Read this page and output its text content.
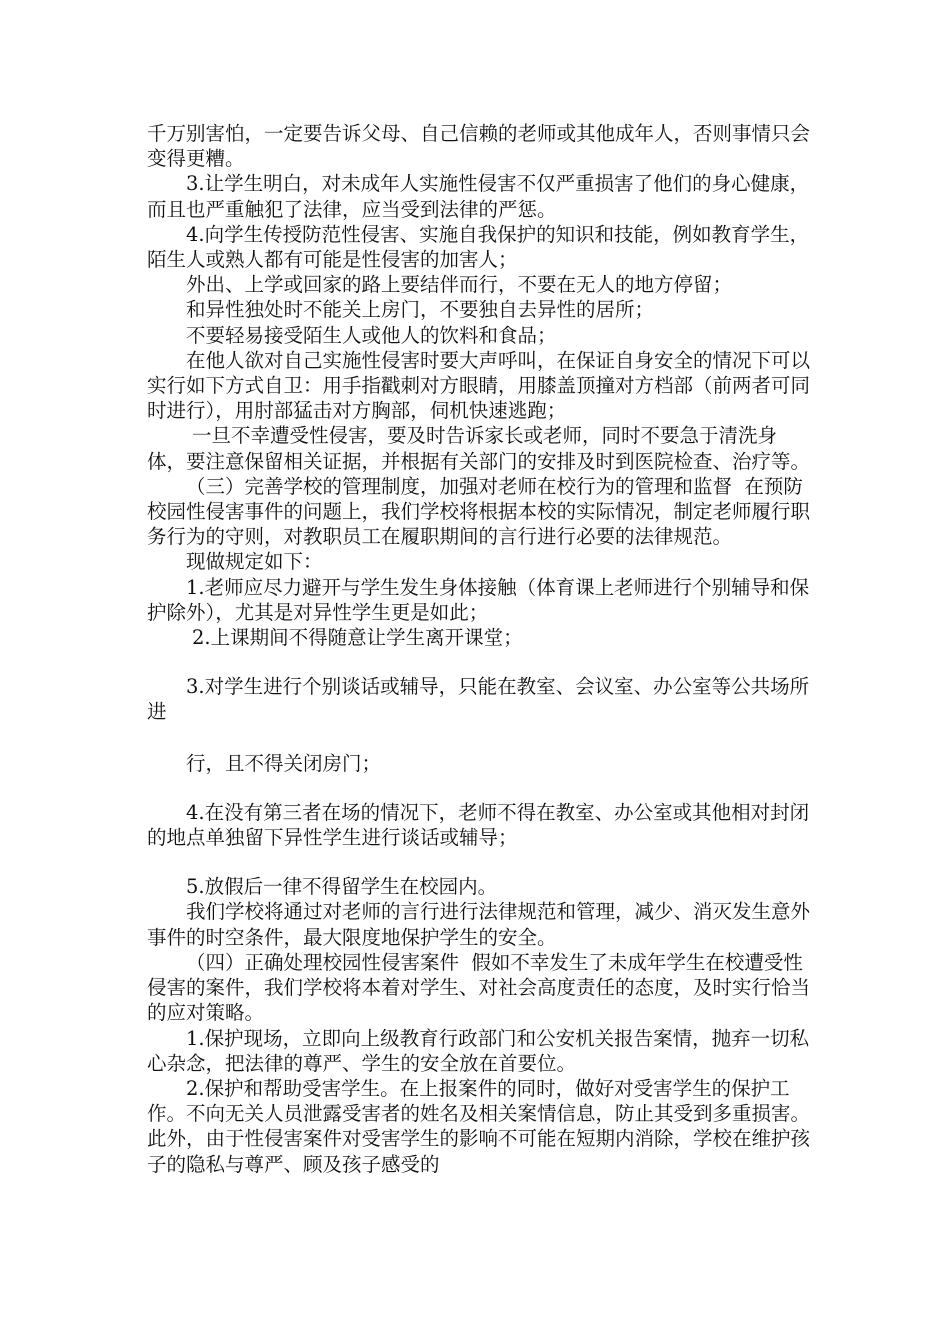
千万别害怕，一定要告诉父母、自己信赖的老师或其他成年人，否则事情只会变得更糟。

3.让学生明白，对未成年人实施性侵害不仅严重损害了他们的身心健康，而且也严重触犯了法律，应当受到法律的严惩。

4.向学生传授防范性侵害、实施自我保护的知识和技能，例如教育学生，陌生人或熟人都有可能是性侵害的加害人；

外出、上学或回家的路上要结伴而行，不要在无人的地方停留；

和异性独处时不能关上房门，不要独自去异性的居所；

不要轻易接受陌生人或他人的饮料和食品；

在他人欲对自己实施性侵害时要大声呼叫，在保证自身安全的情况下可以实行如下方式自卫：用手指戳刺对方眼睛，用膝盖顶撞对方档部（前两者可同时进行），用肘部猛击对方胸部，伺机快速逃跑；

一旦不幸遭受性侵害，要及时告诉家长或老师，同时不要急于清洗身体，要注意保留相关证据，并根据有关部门的安排及时到医院检查、治疗等。

（三）完善学校的管理制度，加强对老师在校行为的管理和监督  在预防校园性侵害事件的问题上，我们学校将根据本校的实际情况，制定老师履行职务行为的守则，对教职员工在履职期间的言行进行必要的法律规范。

现做规定如下：

1.老师应尽力避开与学生发生身体接触（体育课上老师进行个别辅导和保护除外），尤其是对异性学生更是如此；

2.上课期间不得随意让学生离开课堂；

3.对学生进行个别谈话或辅导，只能在教室、会议室、办公室等公共场所进

行，且不得关闭房门；

4.在没有第三者在场的情况下，老师不得在教室、办公室或其他相对封闭的地点单独留下异性学生进行谈话或辅导；

5.放假后一律不得留学生在校园内。

我们学校将通过对老师的言行进行法律规范和管理，减少、消灭发生意外事件的时空条件，最大限度地保护学生的安全。

（四）正确处理校园性侵害案件  假如不幸发生了未成年学生在校遭受性侵害的案件，我们学校将本着对学生、对社会高度责任的态度，及时实行恰当的应对策略。

1.保护现场，立即向上级教育行政部门和公安机关报告案情，抛弃一切私心杂念，把法律的尊严、学生的安全放在首要位。

2.保护和帮助受害学生。在上报案件的同时，做好对受害学生的保护工作。不向无关人员泄露受害者的姓名及相关案情信息，防止其受到多重损害。此外，由于性侵害案件对受害学生的影响不可能在短期内消除，学校在维护孩子的隐私与尊严、顾及孩子感受的
